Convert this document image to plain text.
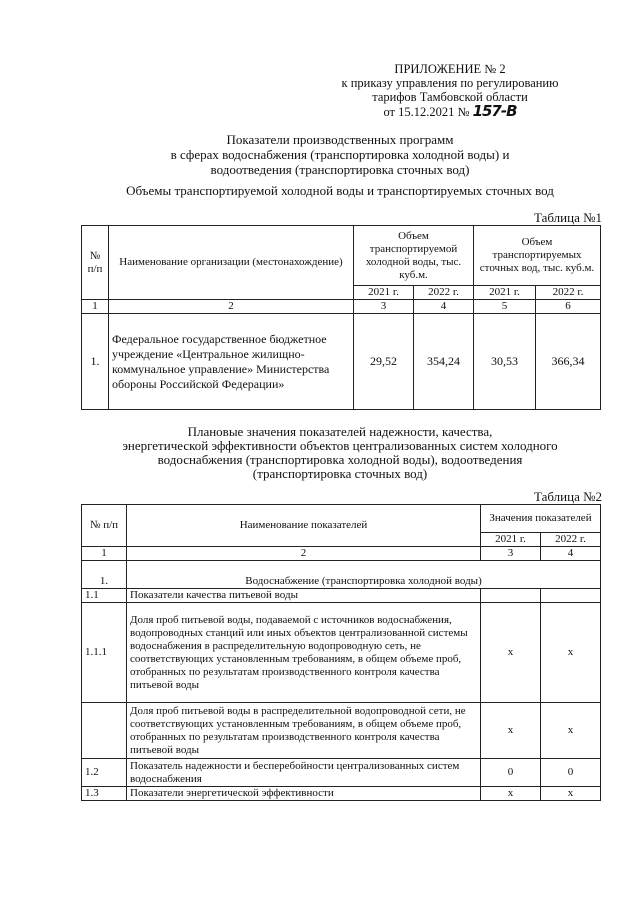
ПРИЛОЖЕНИЕ № 2
к приказу управления по регулированию
тарифов Тамбовской области
от 15.12.2021 № 157-В
Показатели производственных программ
в сферах водоснабжения (транспортировка холодной воды) и
водоотведения (транспортировка сточных вод)
Объемы транспортируемой холодной воды и транспортируемых сточных вод
Таблица №1
№ п/п	Наименование организации (местонахождение)	Объем транспортируемой холодной воды, тыс. куб.м.		Объем транспортируемых сточных вод, тыс. куб.м.	
		2021 г.	2022 г.	2021 г.	2022 г.
1	2	3	4	5	6
1.	Федеральное государственное бюджетное учреждение «Центральное жилищно-коммунальное управление» Министерства обороны Российской Федерации»	29,52	354,24	30,53	366,34
Плановые значения показателей надежности, качества,
энергетической эффективности объектов централизованных систем холодного
водоснабжения (транспортировка холодной воды), водоотведения
(транспортировка сточных вод)
Таблица №2
№ п/п	Наименование показателей	Значения показателей	
		2021 г.	2022 г.
1	2	3	4
1.	Водоснабжение (транспортировка холодной воды)		
1.1	Показатели качества питьевой воды		
1.1.1	Доля проб питьевой воды, подаваемой с источников водоснабжения, водопроводных станций или иных объектов централизованной системы водоснабжения в распределительную водопроводную сеть, не соответствующих установленным требованиям, в общем объеме проб, отобранных по результатам производственного контроля качества питьевой воды	x	x
	Доля проб питьевой воды в распределительной водопроводной сети, не соответствующих установленным требованиям, в общем объеме проб, отобранных по результатам производственного контроля качества питьевой воды	x	x
1.2	Показатель надежности и бесперебойности централизованных систем водоснабжения	0	0
1.3	Показатели энергетической эффективности	x	x
